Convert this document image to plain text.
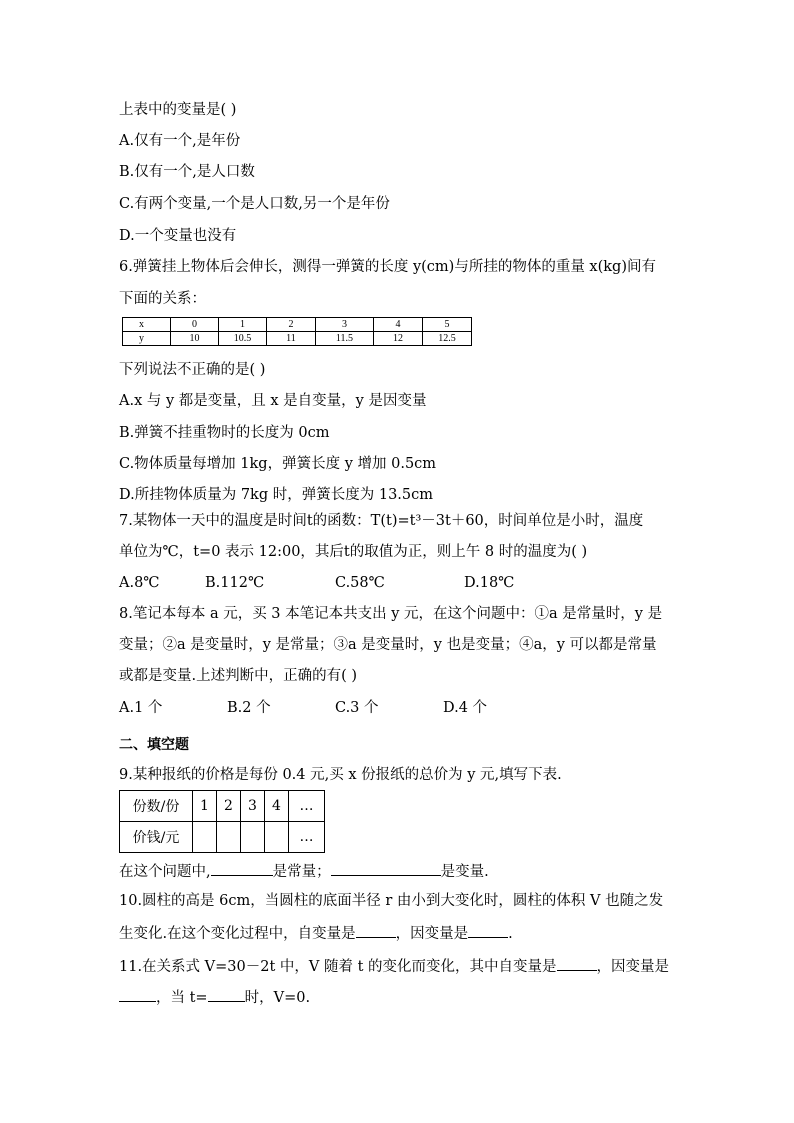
上表中的变量是( )
A.仅有一个,是年份
B.仅有一个,是人口数
C.有两个变量,一个是人口数,另一个是年份
D.一个变量也没有
6.弹簧挂上物体后会伸长，测得一弹簧的长度 y(cm)与所挂的物体的重量 x(kg)间有
下面的关系：
x	0	1	2	3	4	5
y	10	10.5	11	11.5	12	12.5
下列说法不正确的是( )
A.x 与 y 都是变量，且 x 是自变量，y 是因变量
B.弹簧不挂重物时的长度为 0cm
C.物体质量每增加 1kg，弹簧长度 y 增加 0.5cm
D.所挂物体质量为 7kg 时，弹簧长度为 13.5cm
7.某物体一天中的温度是时间t的函数：T(t)=t³－3t＋60，时间单位是小时，温度
单位为℃，t=0 表示 12:00，其后t的取值为正，则上午 8 时的温度为( )
A.8℃	B.112℃	C.58℃	D.18℃
8.笔记本每本 a 元，买 3 本笔记本共支出 y 元，在这个问题中：①a 是常量时，y 是
变量；②a 是变量时，y 是常量；③a 是变量时，y 也是变量；④a，y 可以都是常量
或都是变量.上述判断中，正确的有( )
A.1 个	B.2 个	C.3 个	D.4 个
二、填空题
9.某种报纸的价格是每份 0.4 元,买 x 份报纸的总价为 y 元,填写下表.
份数/份	1	2	3	4	…
价钱/元					…
在这个问题中,	是常量；	是变量.
10.圆柱的高是 6cm，当圆柱的底面半径 r 由小到大变化时，圆柱的体积 V 也随之发
生变化.在这个变化过程中，自变量是	，因变量是	.
11.在关系式 V=30－2t 中，V 随着 t 的变化而变化，其中自变量是	，因变量是
，当 t=	时，V=0.
